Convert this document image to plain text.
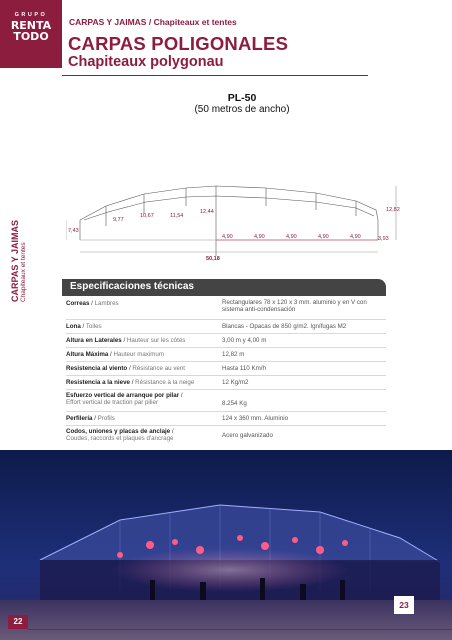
GRUPO
RENTA
TODO
CARPAS Y JAIMAS Chapiteaux et tentes
CARPAS Y JAIMAS / Chapiteaux et tentes
CARPAS POLIGONALES
Chapiteaux polygonau
PL-50
(50 metros de ancho)
7,43
9,77
10,67	11,54
12,44	12,82
3,93
4,90	4,90	4,90	4,90	4,90
50,18
Especificaciones técnicas
Correas / Lambres	Rectangulares 78 x 120 x 3 mm. aluminio y en V con sistema anti-condensación
Lona / Toiles	Blancas - Opacas de 850 g/m2. Ignífugas M2
Altura en Laterales / Hauteur sur les côtés	3,00 m y 4,00 m
Altura Máxima / Hauteur maximum	12,82 m
Resistencia al viento / Résistance au vent	Hasta 110 Km/h
Resistencia a la nieve / Résistance à la neige	12 Kg/m2
Esfuerzo vertical de arranque por pilar /
Effort vertical de traction par pilier	8.254 Kg
Perfilería / Profils	124 x 360 mm. Aluminio
Codos, uniones y placas de anclaje /
Coudes, raccords et plaques d'ancrage	Acero galvanizado
23
22
